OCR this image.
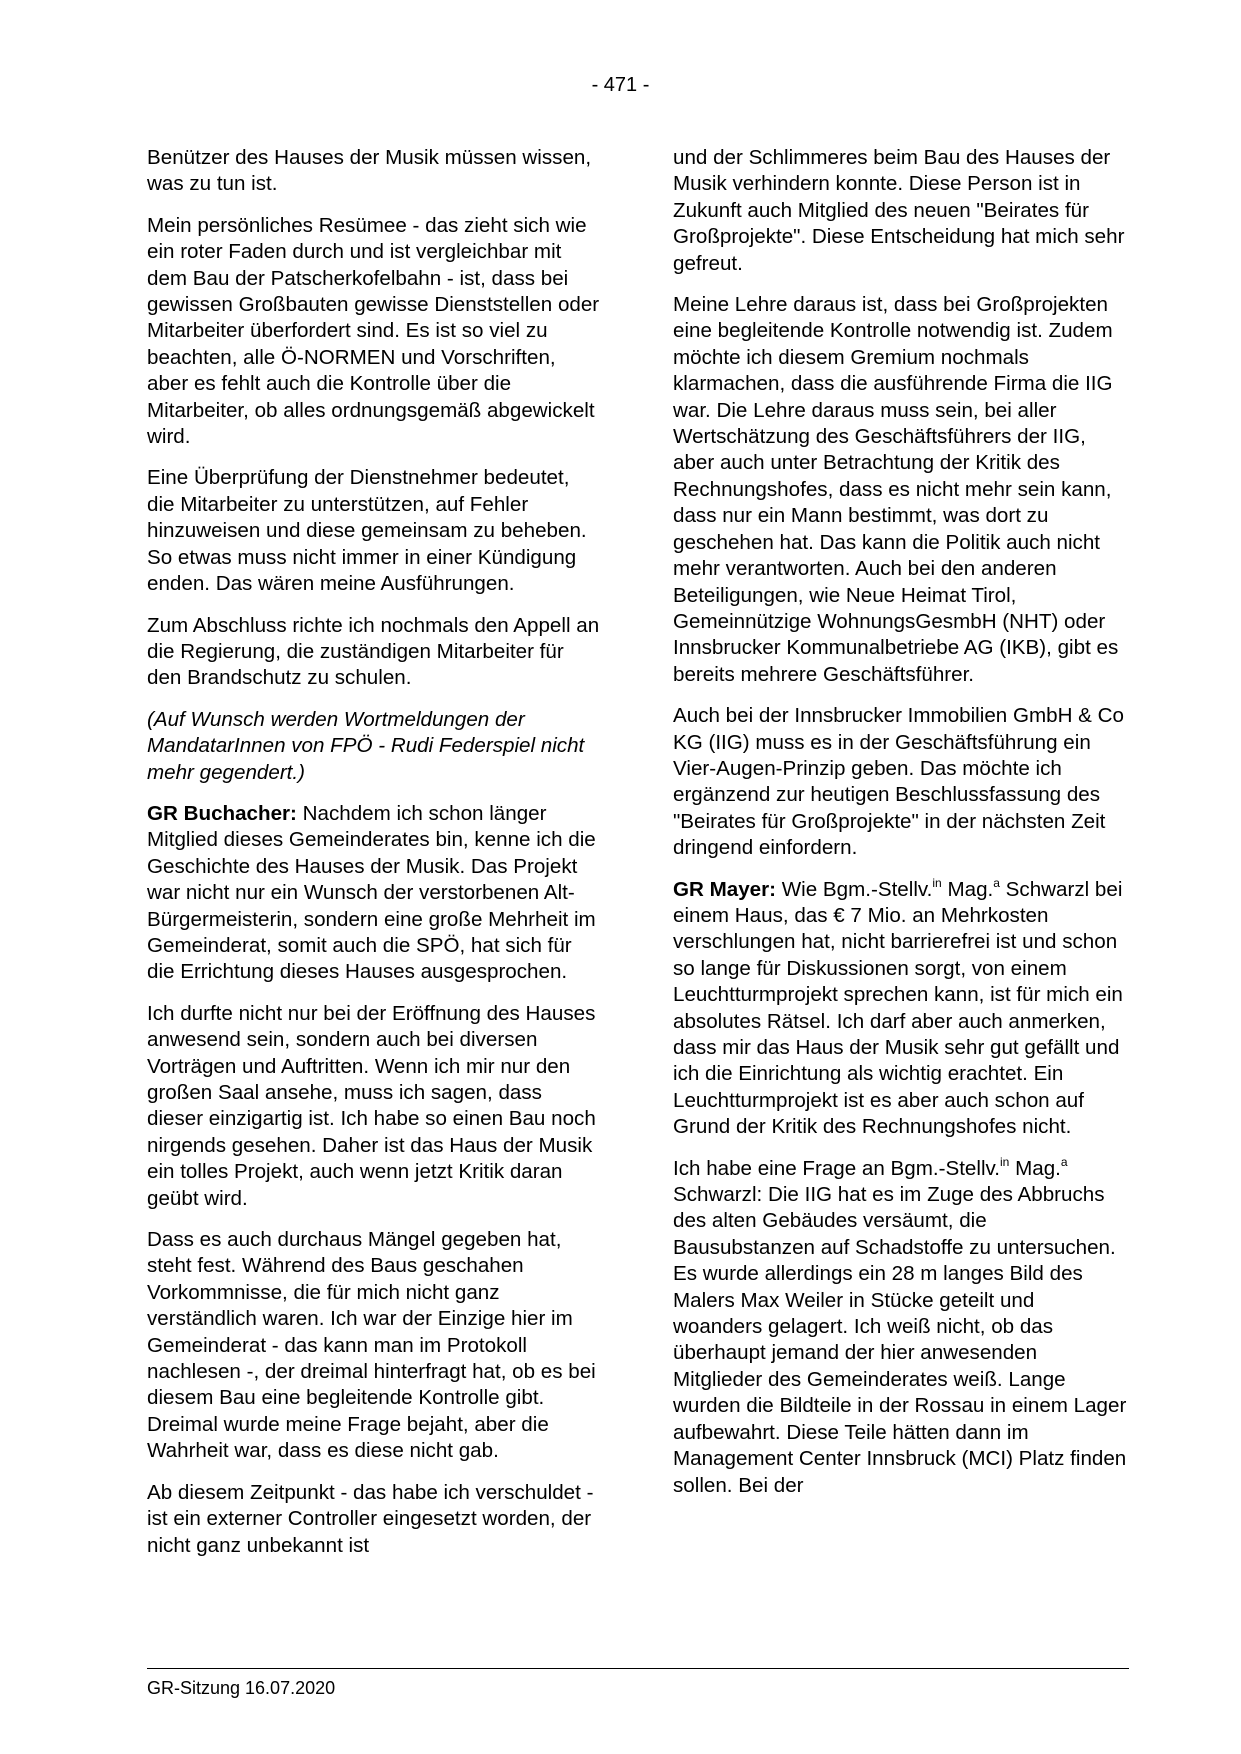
- 471 -

Benützer des Hauses der Musik müssen wissen, was zu tun ist.

Mein persönliches Resümee - das zieht sich wie ein roter Faden durch und ist vergleichbar mit dem Bau der Patscherkofelbahn - ist, dass bei gewissen Großbauten gewisse Dienststellen oder Mitarbeiter überfordert sind. Es ist so viel zu beachten, alle Ö-NORMEN und Vorschriften, aber es fehlt auch die Kontrolle über die Mitarbeiter, ob alles ordnungsgemäß abgewickelt wird.

Eine Überprüfung der Dienstnehmer bedeutet, die Mitarbeiter zu unterstützen, auf Fehler hinzuweisen und diese gemeinsam zu beheben. So etwas muss nicht immer in einer Kündigung enden. Das wären meine Ausführungen.

Zum Abschluss richte ich nochmals den Appell an die Regierung, die zuständigen Mitarbeiter für den Brandschutz zu schulen.

(Auf Wunsch werden Wortmeldungen der MandatarInnen von FPÖ - Rudi Federspiel nicht mehr gegendert.)

GR Buchacher: Nachdem ich schon länger Mitglied dieses Gemeinderates bin, kenne ich die Geschichte des Hauses der Musik. Das Projekt war nicht nur ein Wunsch der verstorbenen Alt-Bürgermeisterin, sondern eine große Mehrheit im Gemeinderat, somit auch die SPÖ, hat sich für die Errichtung dieses Hauses ausgesprochen.

Ich durfte nicht nur bei der Eröffnung des Hauses anwesend sein, sondern auch bei diversen Vorträgen und Auftritten. Wenn ich mir nur den großen Saal ansehe, muss ich sagen, dass dieser einzigartig ist. Ich habe so einen Bau noch nirgends gesehen. Daher ist das Haus der Musik ein tolles Projekt, auch wenn jetzt Kritik daran geübt wird.

Dass es auch durchaus Mängel gegeben hat, steht fest. Während des Baus geschahen Vorkommnisse, die für mich nicht ganz verständlich waren. Ich war der Einzige hier im Gemeinderat - das kann man im Protokoll nachlesen -, der dreimal hinterfragt hat, ob es bei diesem Bau eine begleitende Kontrolle gibt. Dreimal wurde meine Frage bejaht, aber die Wahrheit war, dass es diese nicht gab.

Ab diesem Zeitpunkt - das habe ich verschuldet - ist ein externer Controller eingesetzt worden, der nicht ganz unbekannt ist

und der Schlimmeres beim Bau des Hauses der Musik verhindern konnte. Diese Person ist in Zukunft auch Mitglied des neuen "Beirates für Großprojekte". Diese Entscheidung hat mich sehr gefreut.

Meine Lehre daraus ist, dass bei Großprojekten eine begleitende Kontrolle notwendig ist. Zudem möchte ich diesem Gremium nochmals klarmachen, dass die ausführende Firma die IIG war. Die Lehre daraus muss sein, bei aller Wertschätzung des Geschäftsführers der IIG, aber auch unter Betrachtung der Kritik des Rechnungshofes, dass es nicht mehr sein kann, dass nur ein Mann bestimmt, was dort zu geschehen hat. Das kann die Politik auch nicht mehr verantworten. Auch bei den anderen Beteiligungen, wie Neue Heimat Tirol, Gemeinnützige WohnungsGesmbH (NHT) oder Innsbrucker Kommunalbetriebe AG (IKB), gibt es bereits mehrere Geschäftsführer.

Auch bei der Innsbrucker Immobilien GmbH & Co KG (IIG) muss es in der Geschäftsführung ein Vier-Augen-Prinzip geben. Das möchte ich ergänzend zur heutigen Beschlussfassung des "Beirates für Großprojekte" in der nächsten Zeit dringend einfordern.

GR Mayer: Wie Bgm.-Stellv.$^{in}$ Mag.$^a$ Schwarzl bei einem Haus, das € 7 Mio. an Mehrkosten verschlungen hat, nicht barrierefrei ist und schon so lange für Diskussionen sorgt, von einem Leuchtturmprojekt sprechen kann, ist für mich ein absolutes Rätsel. Ich darf aber auch anmerken, dass mir das Haus der Musik sehr gut gefällt und ich die Einrichtung als wichtig erachtet. Ein Leuchtturmprojekt ist es aber auch schon auf Grund der Kritik des Rechnungshofes nicht.

Ich habe eine Frage an Bgm.-Stellv.$^{in}$ Mag.$^a$ Schwarzl: Die IIG hat es im Zuge des Abbruchs des alten Gebäudes versäumt, die Bausubstanzen auf Schadstoffe zu untersuchen. Es wurde allerdings ein 28 m langes Bild des Malers Max Weiler in Stücke geteilt und woanders gelagert. Ich weiß nicht, ob das überhaupt jemand der hier anwesenden Mitglieder des Gemeinderates weiß. Lange wurden die Bildteile in der Rossau in einem Lager aufbewahrt. Diese Teile hätten dann im Management Center Innsbruck (MCI) Platz finden sollen. Bei der

GR-Sitzung 16.07.2020
